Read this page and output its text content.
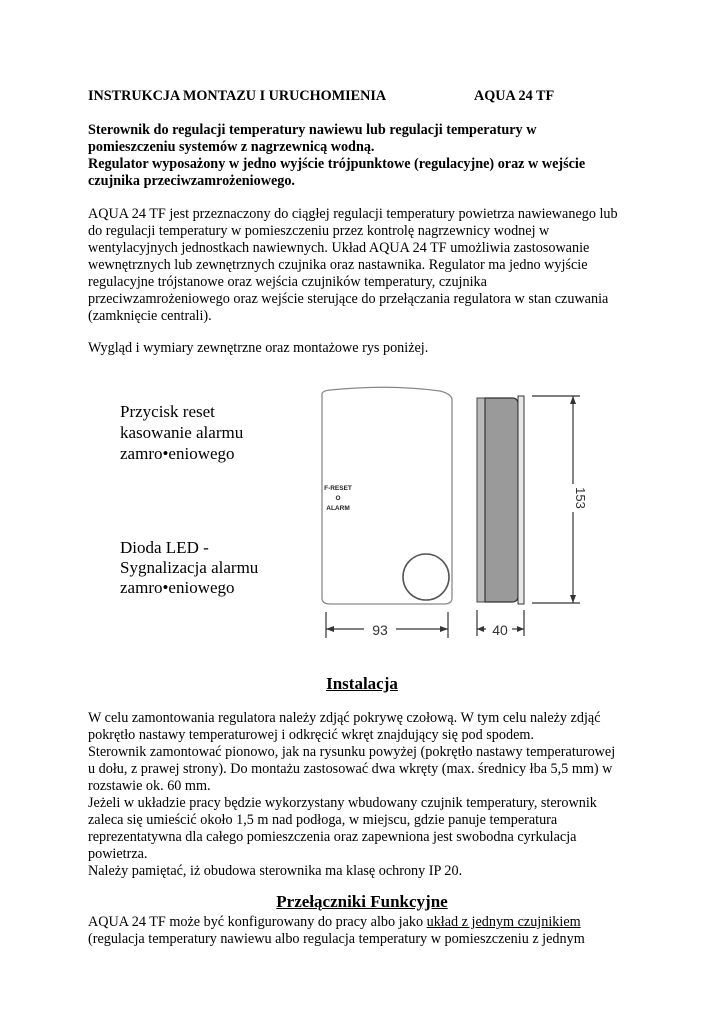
INSTRUKCJA MONTAZU I URUCHOMIENIA	AQUA 24 TF
Sterownik do regulacji temperatury nawiewu lub regulacji temperatury w
pomieszczeniu systemów z nagrzewnicą wodną.
Regulator wyposażony w jedno wyjście trójpunktowe (regulacyjne) oraz w wejście
czujnika przeciwzamrożeniowego.
AQUA 24 TF jest przeznaczony do ciągłej regulacji temperatury powietrza nawiewanego lub
do regulacji temperatury w pomieszczeniu przez kontrolę nagrzewnicy wodnej w
wentylacyjnych jednostkach nawiewnych. Układ AQUA 24 TF umożliwia zastosowanie
wewnętrznych lub zewnętrznych czujnika oraz nastawnika. Regulator ma jedno wyjście
regulacyjne trójstanowe oraz wejścia czujników temperatury, czujnika
przeciwzamrożeniowego oraz wejście sterujące do przełączania regulatora w stan czuwania
(zamknięcie centrali).
Wygląd i wymiary zewnętrzne oraz montażowe rys poniżej.
93	40
153
F-RESET
O
ALARM
Przycisk reset
kasowanie alarmu
zamro•eniowego
Dioda LED -
Sygnalizacja alarmu
zamro•eniowego
Instalacja
W celu zamontowania regulatora należy zdjąć pokrywę czołową. W tym celu należy zdjąć
pokrętło nastawy temperaturowej i odkręcić wkręt znajdujący się pod spodem.
Sterownik zamontować pionowo, jak na rysunku powyżej (pokrętło nastawy temperaturowej
u dołu, z prawej strony). Do montażu zastosować dwa wkręty (max. średnicy łba 5,5 mm) w
rozstawie ok. 60 mm.
Jeżeli w układzie pracy będzie wykorzystany wbudowany czujnik temperatury, sterownik
zaleca się umieścić około 1,5 m nad podłoga, w miejscu, gdzie panuje temperatura
reprezentatywna dla całego pomieszczenia oraz zapewniona jest swobodna cyrkulacja
powietrza.
Należy pamiętać, iż obudowa sterownika ma klasę ochrony IP 20.
Przełączniki Funkcyjne
AQUA 24 TF może być konfigurowany do pracy albo jako układ z jednym czujnikiem
(regulacja temperatury nawiewu albo regulacja temperatury w pomieszczeniu z jednym
